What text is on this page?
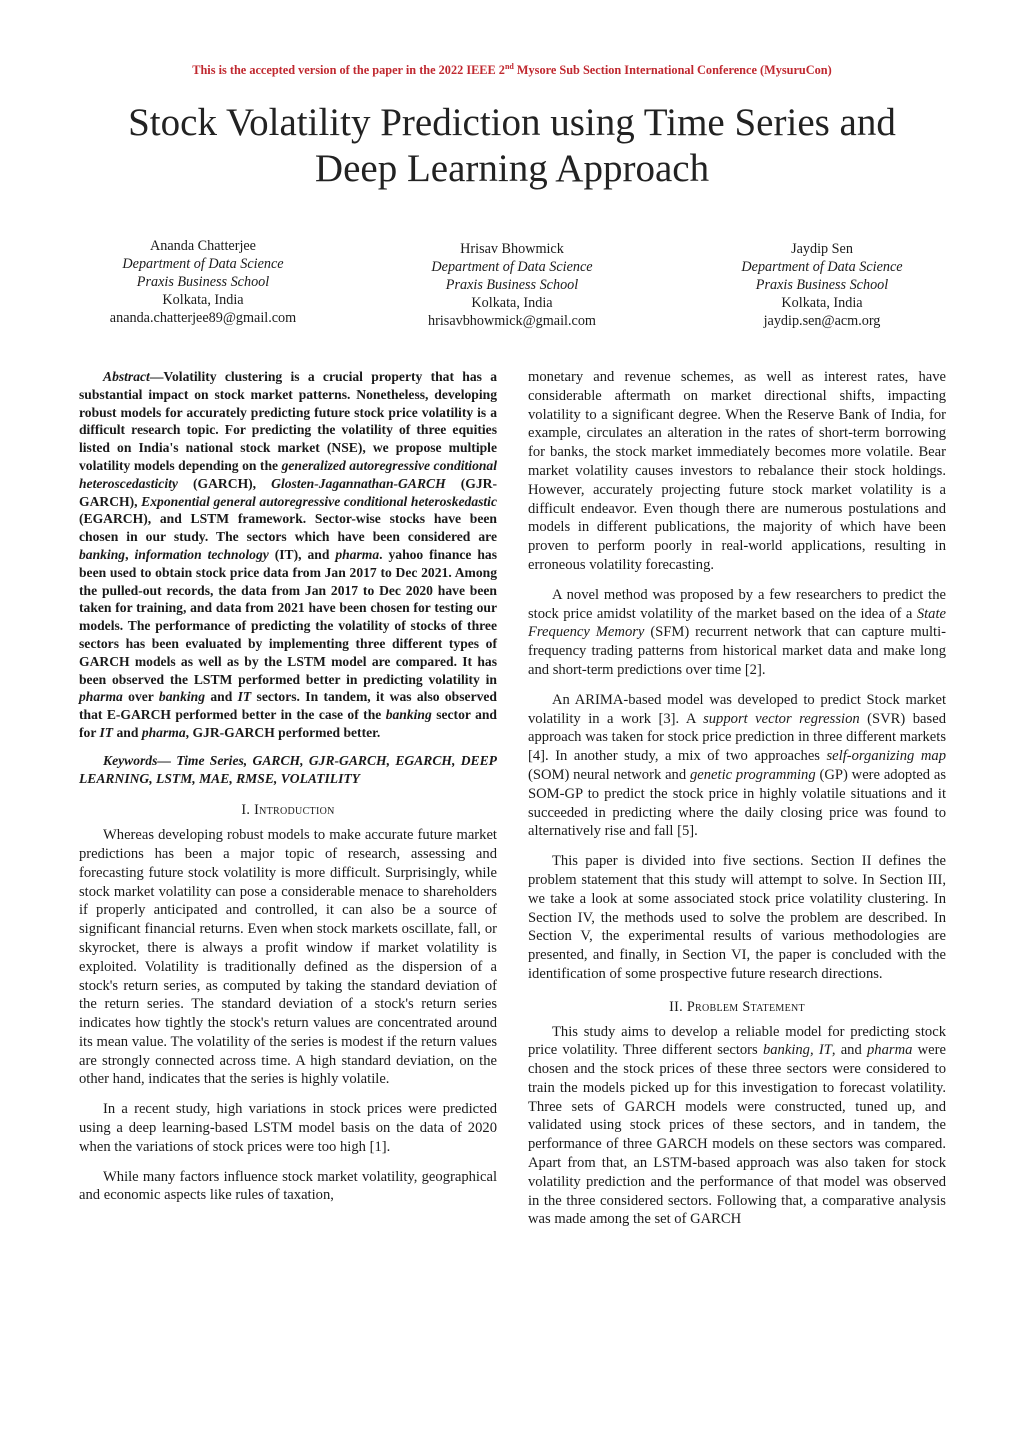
This is the accepted version of the paper in the 2022 IEEE 2nd Mysore Sub Section International Conference (MysuruCon)
Stock Volatility Prediction using Time Series and
Deep Learning Approach
Ananda Chatterjee
Department of Data Science
Praxis Business School
Kolkata, India
ananda.chatterjee89@gmail.com
Hrisav Bhowmick
Department of Data Science
Praxis Business School
Kolkata, India
hrisavbhowmick@gmail.com
Jaydip Sen
Department of Data Science
Praxis Business School
Kolkata, India
jaydip.sen@acm.org

Abstract—Volatility clustering is a crucial property that has a substantial impact on stock market patterns. Nonetheless, developing robust models for accurately predicting future stock price volatility is a difficult research topic. For predicting the volatility of three equities listed on India's national stock market (NSE), we propose multiple volatility models depending on the generalized autoregressive conditional heteroscedasticity (GARCH), Glosten-Jagannathan-GARCH (GJR-GARCH), Exponential general autoregressive conditional heteroskedastic (EGARCH), and LSTM framework. Sector-wise stocks have been chosen in our study. The sectors which have been considered are banking, information technology (IT), and pharma. yahoo finance has been used to obtain stock price data from Jan 2017 to Dec 2021. Among the pulled-out records, the data from Jan 2017 to Dec 2020 have been taken for training, and data from 2021 have been chosen for testing our models. The performance of predicting the volatility of stocks of three sectors has been evaluated by implementing three different types of GARCH models as well as by the LSTM model are compared. It has been observed the LSTM performed better in predicting volatility in pharma over banking and IT sectors. In tandem, it was also observed that E-GARCH performed better in the case of the banking sector and for IT and pharma, GJR-GARCH performed better.

Keywords— Time Series, GARCH, GJR-GARCH, EGARCH, DEEP LEARNING, LSTM, MAE, RMSE, VOLATILITY

I. Introduction

Whereas developing robust models to make accurate future market predictions has been a major topic of research, assessing and forecasting future stock volatility is more difficult. Surprisingly, while stock market volatility can pose a considerable menace to shareholders if properly anticipated and controlled, it can also be a source of significant financial returns. Even when stock markets oscillate, fall, or skyrocket, there is always a profit window if market volatility is exploited. Volatility is traditionally defined as the dispersion of a stock's return series, as computed by taking the standard deviation of the return series. The standard deviation of a stock's return series indicates how tightly the stock's return values are concentrated around its mean value. The volatility of the series is modest if the return values are strongly connected across time. A high standard deviation, on the other hand, indicates that the series is highly volatile.

In a recent study, high variations in stock prices were predicted using a deep learning-based LSTM model basis on the data of 2020 when the variations of stock prices were too high [1].

While many factors influence stock market volatility, geographical and economic aspects like rules of taxation,

monetary and revenue schemes, as well as interest rates, have considerable aftermath on market directional shifts, impacting volatility to a significant degree. When the Reserve Bank of India, for example, circulates an alteration in the rates of short-term borrowing for banks, the stock market immediately becomes more volatile. Bear market volatility causes investors to rebalance their stock holdings. However, accurately projecting future stock market volatility is a difficult endeavor. Even though there are numerous postulations and models in different publications, the majority of which have been proven to perform poorly in real-world applications, resulting in erroneous volatility forecasting.

A novel method was proposed by a few researchers to predict the stock price amidst volatility of the market based on the idea of a State Frequency Memory (SFM) recurrent network that can capture multi-frequency trading patterns from historical market data and make long and short-term predictions over time [2].

An ARIMA-based model was developed to predict Stock market volatility in a work [3]. A support vector regression (SVR) based approach was taken for stock price prediction in three different markets [4]. In another study, a mix of two approaches self-organizing map (SOM) neural network and genetic programming (GP) were adopted as SOM-GP to predict the stock price in highly volatile situations and it succeeded in predicting where the daily closing price was found to alternatively rise and fall [5].

This paper is divided into five sections. Section II defines the problem statement that this study will attempt to solve. In Section III, we take a look at some associated stock price volatility clustering. In Section IV, the methods used to solve the problem are described. In Section V, the experimental results of various methodologies are presented, and finally, in Section VI, the paper is concluded with the identification of some prospective future research directions.

II. Problem Statement

This study aims to develop a reliable model for predicting stock price volatility. Three different sectors banking, IT, and pharma were chosen and the stock prices of these three sectors were considered to train the models picked up for this investigation to forecast volatility. Three sets of GARCH models were constructed, tuned up, and validated using stock prices of these sectors, and in tandem, the performance of three GARCH models on these sectors was compared. Apart from that, an LSTM-based approach was also taken for stock volatility prediction and the performance of that model was observed in the three considered sectors. Following that, a comparative analysis was made among the set of GARCH
